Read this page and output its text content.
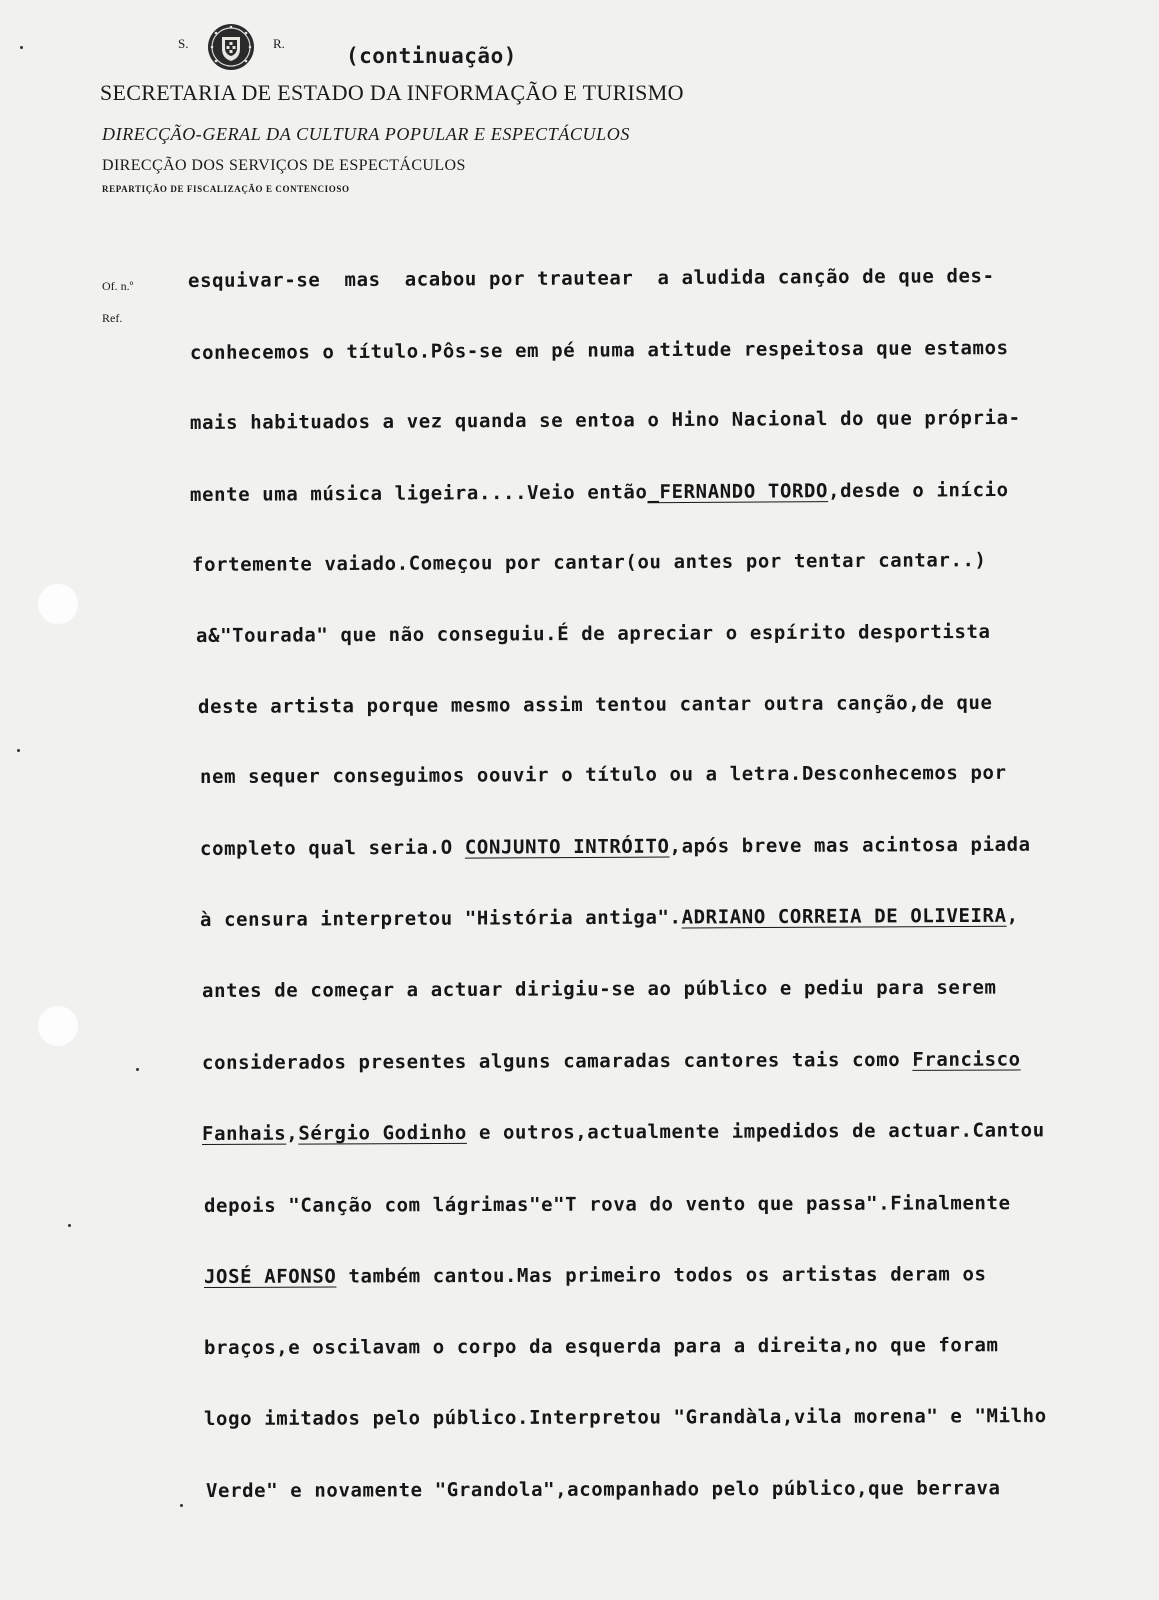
S.	R.
(continuação)
SECRETARIA DE ESTADO DA INFORMAÇÃO E TURISMO
DIRECÇÃO-GERAL DA CULTURA POPULAR E ESPECTÁCULOS
DIRECÇÃO DOS SERVIÇOS DE ESPECTÁCULOS
REPARTIÇÃO DE FISCALIZAÇÃO E CONTENCIOSO
Of. n.º
Ref.
esquivar-se  mas  acabou por trautear  a aludida canção de que des-
conhecemos o título.Pôs-se em pé numa atitude respeitosa que estamos
mais habituados a vez quanda se entoa o Hino Nacional do que própria-
mente uma música ligeira....Veio então_FERNANDO TORDO,desde o início
fortemente vaiado.Começou por cantar(ou antes por tentar cantar..)
a&"Tourada" que não conseguiu.É de apreciar o espírito desportista
deste artista porque mesmo assim tentou cantar outra canção,de que
nem sequer conseguimos oouvir o título ou a letra.Desconhecemos por
completo qual seria.O CONJUNTO INTRÓITO,após breve mas acintosa piada
à censura interpretou "História antiga".ADRIANO CORREIA DE OLIVEIRA,
antes de começar a actuar dirigiu-se ao público e pediu para serem
considerados presentes alguns camaradas cantores tais como Francisco
Fanhais,Sérgio Godinho e outros,actualmente impedidos de actuar.Cantou
depois "Canção com lágrimas"e"T rova do vento que passa".Finalmente
JOSÉ AFONSO também cantou.Mas primeiro todos os artistas deram os
braços,e oscilavam o corpo da esquerda para a direita,no que foram
logo imitados pelo público.Interpretou "Grandàla,vila morena" e "Milho
Verde" e novamente "Grandola",acompanhado pelo público,que berrava
